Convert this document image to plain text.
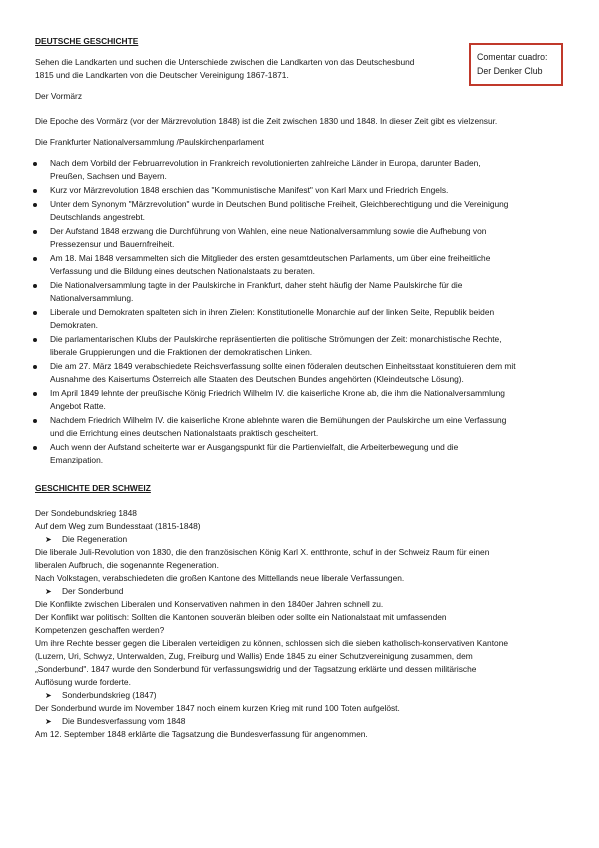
Comentar cuadro:
Der Denker Club

DEUTSCHE GESCHICHTE

Sehen die Landkarten und suchen die Unterschiede zwischen die Landkarten von das Deutschesbund

1815 und die Landkarten von die Deutscher Vereinigung 1867-1871.

Der Vormärz

Die Epoche des Vormärz (vor der Märzrevolution 1848) ist die Zeit zwischen 1830 und 1848. In dieser Zeit gibt es vielzensur.

Die Frankfurter Nationalversammlung /Paulskirchenparlament

Nach dem Vorbild der Februarrevolution in Frankreich revolutionierten zahlreiche Länder in Europa, darunter Baden,
Preußen, Sachsen und Bayern.
Kurz vor Märzrevolution 1848 erschien das "Kommunistische Manifest" von Karl Marx und Friedrich Engels.
Unter dem Synonym "Märzrevolution" wurde in Deutschen Bund politische Freiheit, Gleichberechtigung und die Vereinigung
Deutschlands angestrebt.
Der Aufstand 1848 erzwang die Durchführung von Wahlen, eine neue Nationalversammlung sowie die Aufhebung von
Pressezensur und Bauernfreiheit.
Am 18. Mai 1848 versammelten sich die Mitglieder des ersten gesamtdeutschen Parlaments, um über eine freiheitliche
Verfassung und die Bildung eines deutschen Nationalstaats zu beraten.
Die Nationalversammlung tagte in der Paulskirche in Frankfurt, daher steht häufig der Name Paulskirche für die
Nationalversammlung.
Liberale und Demokraten spalteten sich in ihren Zielen: Konstitutionelle Monarchie auf der linken Seite, Republik beiden
Demokraten.
Die parlamentarischen Klubs der Paulskirche repräsentierten die politische Strömungen der Zeit: monarchistische Rechte,
liberale Gruppierungen und die Fraktionen der demokratischen Linken.
Die am 27. März 1849 verabschiedete Reichsverfassung sollte einen föderalen deutschen Einheitsstaat konstituieren dem mit
Ausnahme des Kaisertums Österreich alle Staaten des Deutschen Bundes angehörten (Kleindeutsche Lösung).
Im April 1849 lehnte der preußische König Friedrich Wilhelm IV. die kaiserliche Krone ab, die ihm die Nationalversammlung
Angebot Ratte.
Nachdem Friedrich Wilhelm IV. die kaiserliche Krone ablehnte waren die Bemühungen der Paulskirche um eine Verfassung
und die Errichtung eines deutschen Nationalstaats praktisch gescheitert.
Auch wenn der Aufstand scheiterte war er Ausgangspunkt für die Partienvielfalt, die Arbeiterbewegung und die
Emanzipation.

GESCHICHTE DER SCHWEIZ

Der Sondebundskrieg 1848

Auf dem Weg zum Bundesstaat (1815-1848)

➤ Die Regeneration

Die liberale Juli-Revolution von 1830, die den französischen König Karl X. entthronte, schuf in der Schweiz Raum für einen

liberalen Aufbruch, die sogenannte Regeneration.

Nach Volkstagen, verabschiedeten die großen Kantone des Mittellands neue liberale Verfassungen.

➤ Der Sonderbund

Die Konflikte zwischen Liberalen und Konservativen nahmen in den 1840er Jahren schnell zu.

Der Konflikt war politisch: Sollten die Kantonen souverän bleiben oder sollte ein Nationalstaat mit umfassenden

Kompetenzen geschaffen werden?

Um ihre Rechte besser gegen die Liberalen verteidigen zu können, schlossen sich die sieben katholisch-konservativen Kantone

(Luzern, Uri, Schwyz, Unterwalden, Zug, Freiburg und Wallis) Ende 1845 zu einer Schutzvereinigung zusammen, dem

„Sonderbund". 1847 wurde den Sonderbund für verfassungswidrig und der Tagsatzung erklärte und dessen militärische

Auflösung wurde forderte.

➤ Sonderbundskrieg (1847)

Der Sonderbund wurde im November 1847 noch einem kurzen Krieg mit rund 100 Toten aufgelöst.

➤ Die Bundesverfassung vom 1848

Am 12. September 1848 erklärte die Tagsatzung die Bundesverfassung für angenommen.
